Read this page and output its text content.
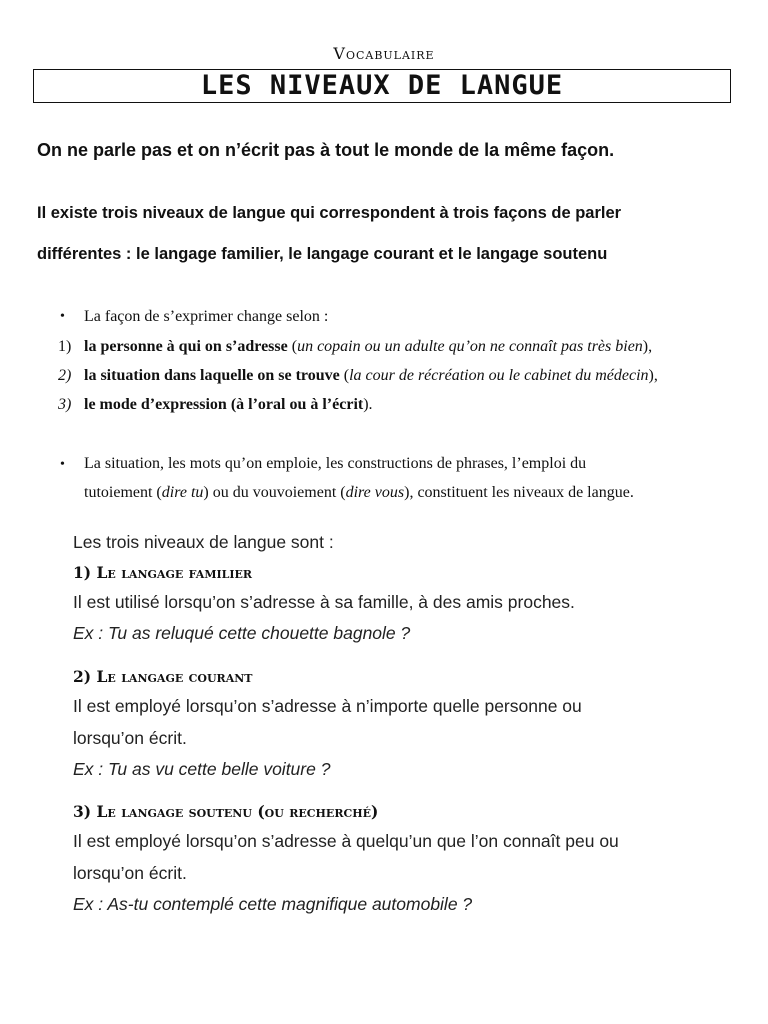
Vocabulaire
LES NIVEAUX DE LANGUE
On ne parle pas et on n’écrit pas à tout le monde de la même façon.
Il existe trois niveaux de langue qui correspondent à trois façons de parler
différentes : le langage familier, le langage courant et le langage soutenu
• La façon de s’exprimer change selon :
1) la personne à qui on s’adresse (un copain ou un adulte qu’on ne connaît pas très bien),
2) la situation dans laquelle on se trouve (la cour de récréation ou le cabinet du médecin),
3) le mode d’expression (à l’oral ou à l’écrit).
• La situation, les mots qu’on emploie, les constructions de phrases, l’emploi du
tutoiement (dire tu) ou du vouvoiement (dire vous), constituent les niveaux de langue.
Les trois niveaux de langue sont :
1) Le langage familier
Il est utilisé lorsqu’on s’adresse à sa famille, à des amis proches.
Ex : Tu as reluqué cette chouette bagnole ?
2) Le langage courant
Il est employé lorsqu’on s’adresse à n’importe quelle personne ou
lorsqu’on écrit.
Ex : Tu as vu cette belle voiture ?
3) Le langage soutenu (ou recherché)
Il est employé lorsqu’on s’adresse à quelqu’un que l’on connaît peu ou
lorsqu’on écrit.
Ex : As-tu contemplé cette magnifique automobile ?
